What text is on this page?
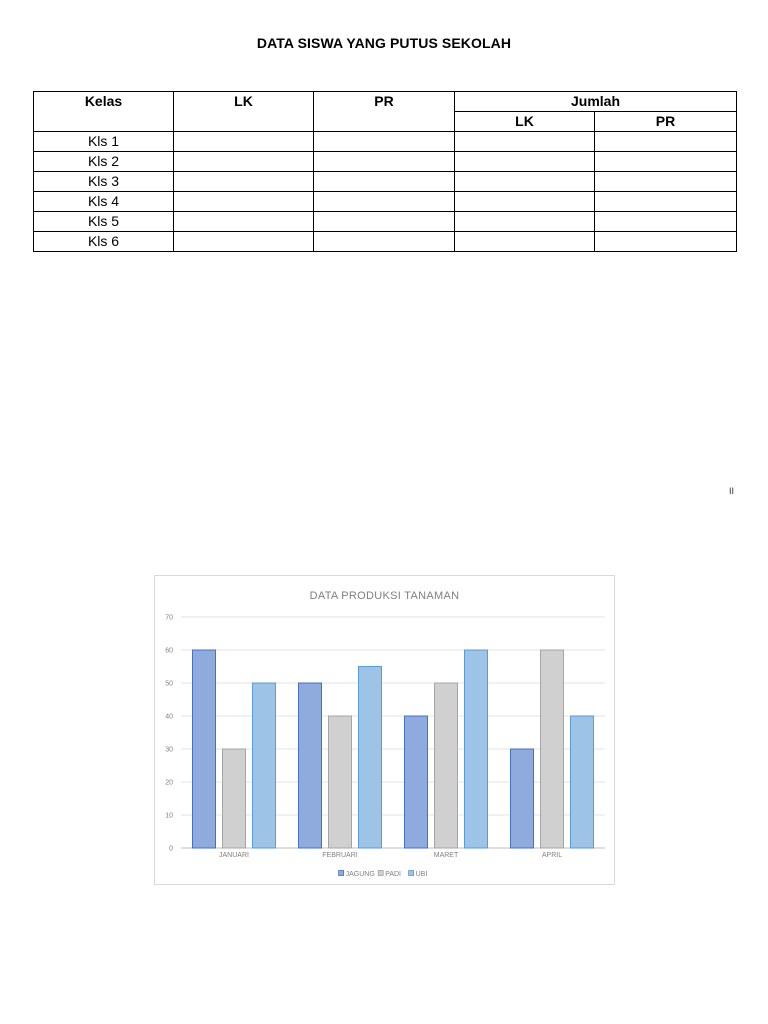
DATA SISWA YANG PUTUS SEKOLAH
Kelas	LK	PR	Jumlah	
			LK	PR
Kls 1				
Kls 2				
Kls 3				
Kls 4				
Kls 5				
Kls 6				
II
DATA PRODUKSI TANAMAN
0
10
20
30
40
50
60
70
JANUARI	FEBRUARI	MARET	APRIL
JAGUNG PADI UBI
